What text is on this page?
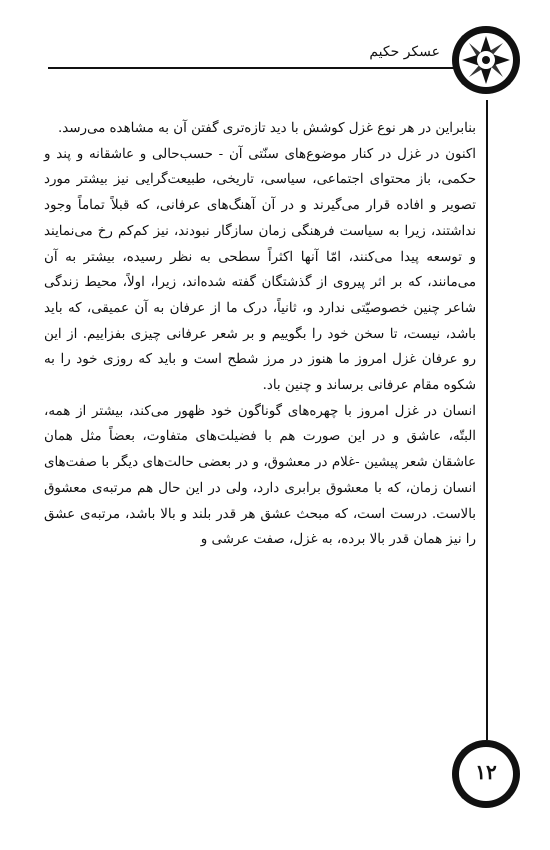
عسکر حکیم

بنابراین در هر نوع غزل کوشش با دید تازه‌تری گفتن آن به مشاهده می‌رسد.

اکنون در غزل در کنار موضوع‌های سنّتی آن - حسب‌حالی و عاشقانه و پند و حکمی، باز محتوای اجتماعی، سیاسی، تاریخی، طبیعت‌گرایی نیز بیشتر مورد تصویر و افاده قرار می‌گیرند و در آن آهنگ‌های عرفانی، که قبلاً تماماً وجود نداشتند، زیرا به سیاست فرهنگی زمان سازگار نبودند، نیز کم‌کم رخ می‌نمایند و توسعه پیدا می‌کنند، امّا آنها اکثراً سطحی به نظر رسیده، بیشتر به آن می‌مانند، که بر اثر پیروی از گذشتگان گفته شده‌اند، زیرا، اولاً، محیط زندگی شاعر چنین خصوصیّتی ندارد و، ثانیاً، درک ما از عرفان به آن عمیقی، که باید باشد، نیست، تا سخن خود را بگوییم و بر شعر عرفانی چیزی بفزاییم. از این رو عرفان غزل امروز ما هنوز در مرز شطح است و باید که روزی خود را به شکوه مقام عرفانی برساند و چنین باد.

انسان در غزل امروز با چهره‌های گوناگون خود ظهور می‌کند، بیشتر از همه، البتّه، عاشق و در این صورت هم با فضیلت‌های متفاوت، بعضاً مثل همان عاشقان شعر پیشین -غلام در معشوق، و در بعضی حالت‌های دیگر با صفت‌های انسان زمان، که با معشوق برابری دارد، ولی در این حال هم مرتبه‌ی معشوق بالاست. درست است، که مبحث عشق هر قدر بلند و بالا باشد، مرتبه‌ی عشق را نیز همان قدر بالا برده، به غزل، صفت عرشی و

۱۲
